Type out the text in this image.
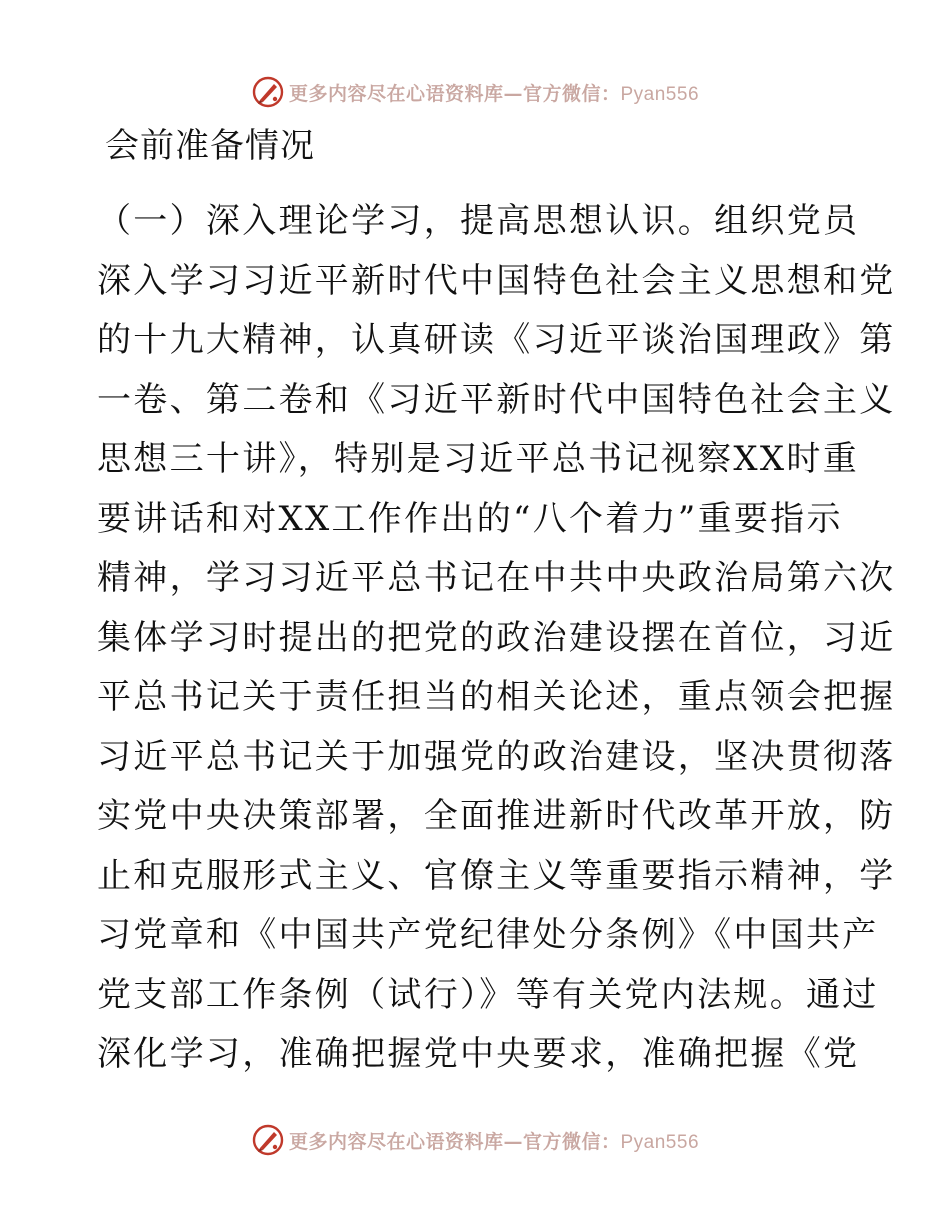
更多内容尽在心语资料库—官方微信：Pyan556
会前准备情况
（一）深入理论学习，提高思想认识。组织党员
深入学习习近平新时代中国特色社会主义思想和党
的十九大精神，认真研读《习近平谈治国理政》第
一卷、第二卷和《习近平新时代中国特色社会主义
思想三十讲》，特别是习近平总书记视察XX时重
要讲话和对XX工作作出的“八个着力”重要指示
精神，学习习近平总书记在中共中央政治局第六次
集体学习时提出的把党的政治建设摆在首位，习近
平总书记关于责任担当的相关论述，重点领会把握
习近平总书记关于加强党的政治建设，坚决贯彻落
实党中央决策部署，全面推进新时代改革开放，防
止和克服形式主义、官僚主义等重要指示精神，学
习党章和《中国共产党纪律处分条例》《中国共产
党支部工作条例（试行）》等有关党内法规。通过
深化学习，准确把握党中央要求，准确把握《党
更多内容尽在心语资料库—官方微信：Pyan556
